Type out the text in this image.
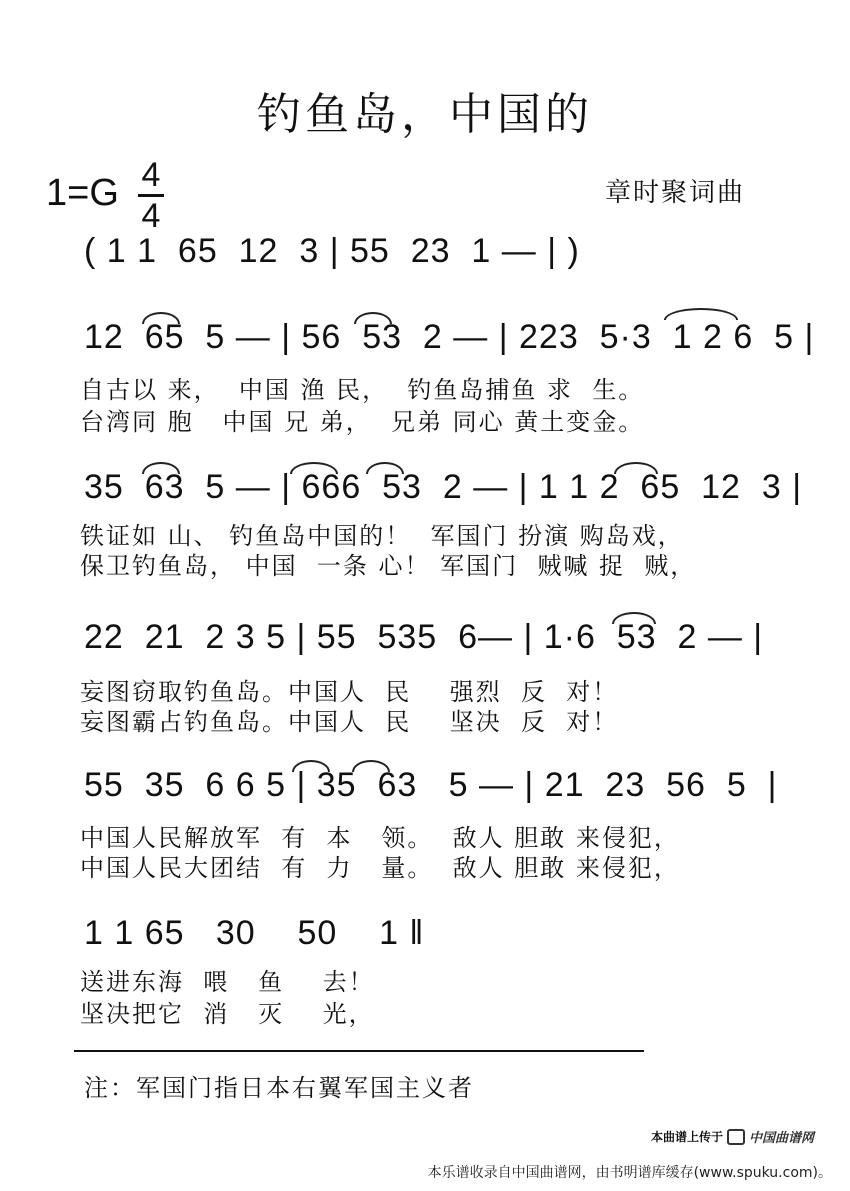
钓鱼岛，中国的
1=G 4
4
章时聚词曲
( 1 1  65  12  3 | 55  23  1 — | )
12  65  5 — | 56  53  2 — | 223  5·3  1 2 6  5 |
自古以 来，  中国 渔 民，  钓鱼岛捕鱼 求  生。
台湾同 胞   中国 兄 弟，  兄弟 同心 黄土变金。
35  63  5 — | 666  53  2 — | 1 1 2  65  12  3 |
铁证如 山、 钓鱼岛中国的！  军国门 扮演 购岛戏，
保卫钓鱼岛， 中国  一条 心！ 军国门  贼喊 捉  贼，
22  21  2 3 5 | 55  535  6— | 1·6  53  2 — |
妄图窃取钓鱼岛。中国人  民    强烈  反  对！
妄图霸占钓鱼岛。中国人  民    坚决  反  对！
55  35  6 6 5 | 35  63   5 — | 21  23  56  5  |
中国人民解放军  有  本   领。  敌人 胆敢 来侵犯，
中国人民大团结  有  力   量。  敌人 胆敢 来侵犯，
1 1 65   30    50    1 ‖
送进东海  喂   鱼    去！
坚决把它  消   灭    光，
注：军国门指日本右翼军国主义者
本曲谱上传于 中国曲谱网
本乐谱收录自中国曲谱网，由书明谱库缓存(www.spuku.com)。
